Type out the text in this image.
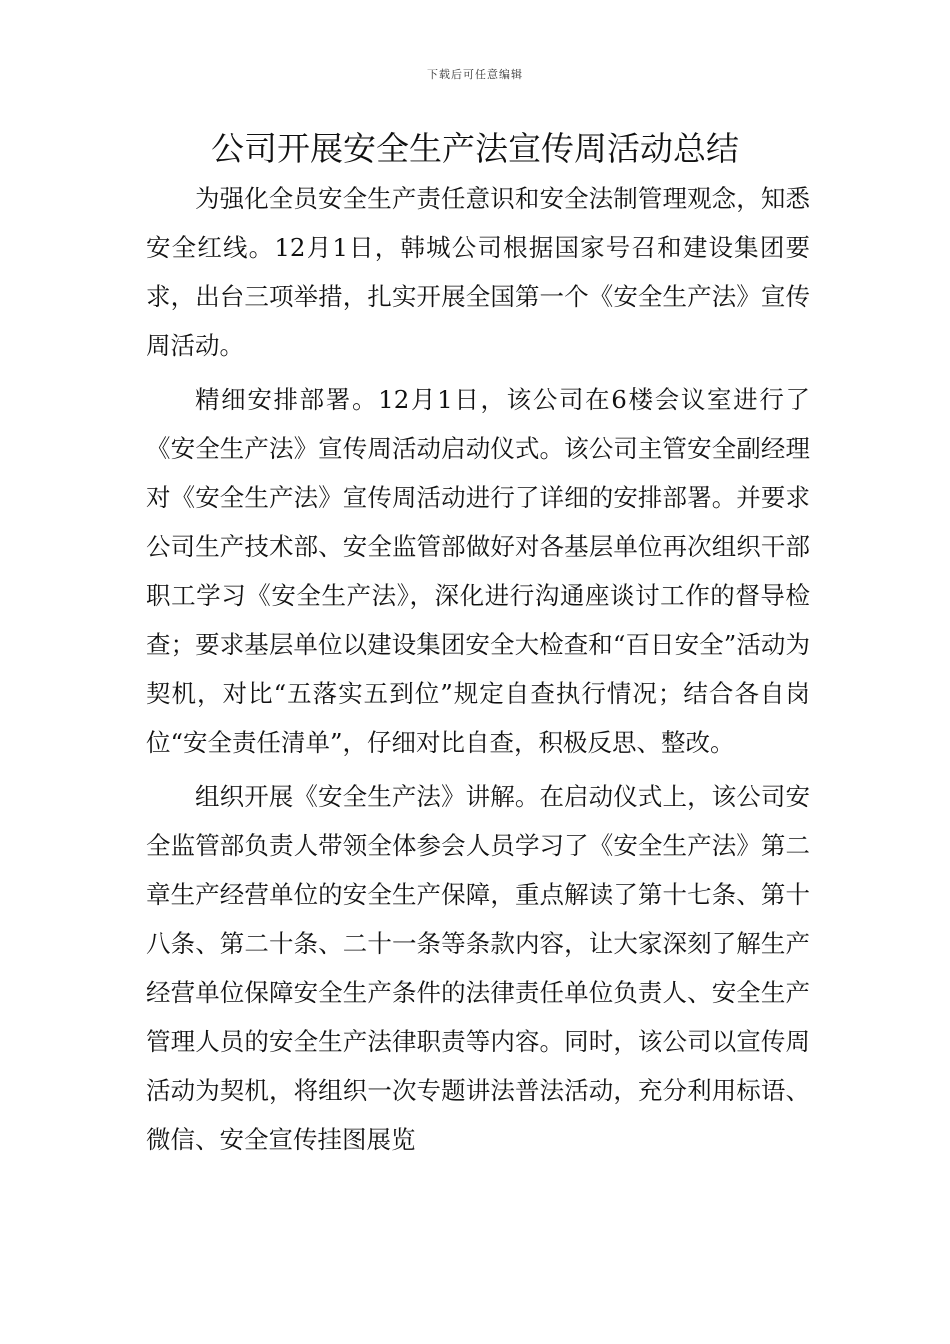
下载后可任意编辑
公司开展安全生产法宣传周活动总结

为强化全员安全生产责任意识和安全法制管理观念，知悉安全红线。12月1日，韩城公司根据国家号召和建设集团要求，出台三项举措，扎实开展全国第一个《安全生产法》宣传周活动。

精细安排部署。12月1日，该公司在6楼会议室进行了《安全生产法》宣传周活动启动仪式。该公司主管安全副经理对《安全生产法》宣传周活动进行了详细的安排部署。并要求公司生产技术部、安全监管部做好对各基层单位再次组织干部职工学习《安全生产法》，深化进行沟通座谈讨工作的督导检查；要求基层单位以建设集团安全大检查和“百日安全”活动为契机，对比“五落实五到位”规定自查执行情况；结合各自岗位“安全责任清单”，仔细对比自查，积极反思、整改。

组织开展《安全生产法》讲解。在启动仪式上，该公司安全监管部负责人带领全体参会人员学习了《安全生产法》第二章生产经营单位的安全生产保障，重点解读了第十七条、第十八条、第二十条、二十一条等条款内容，让大家深刻了解生产经营单位保障安全生产条件的法律责任单位负责人、安全生产管理人员的安全生产法律职责等内容。同时，该公司以宣传周活动为契机，将组织一次专题讲法普法活动，充分利用标语、微信、安全宣传挂图展览
